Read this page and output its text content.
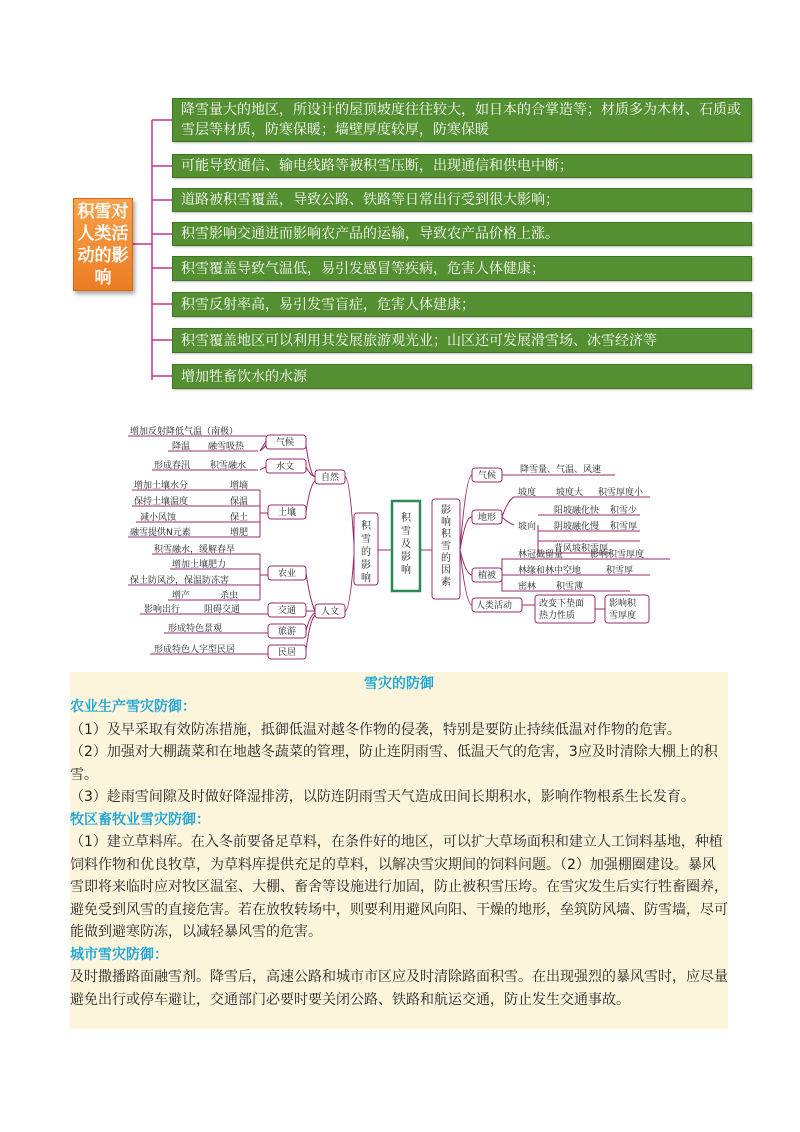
积雪对人类活动的影响
降雪量大的地区，所设计的屋顶坡度往往较大，如日本的合掌造等；材质多为木材、石质或雪层等材质，防寒保暖；墙壁厚度较厚，防寒保暖
可能导致通信、输电线路等被积雪压断，出现通信和供电中断；
道路被积雪覆盖，导致公路、铁路等日常出行受到很大影响；
积雪影响交通进而影响农产品的运输，导致农产品价格上涨。
积雪覆盖导致气温低，易引发感冒等疾病，危害人体健康；
积雪反射率高，易引发雪盲症，危害人体建康；
积雪覆盖地区可以利用其发展旅游观光业；山区还可发展滑雪场、冰雪经济等
增加牲畜饮水的水源
增加反射降低气温（南极）
降温 融雪吸热
形成春汛 积雪融水
增加土壤水分	增墒
保持土壤温度	保温
减小风蚀	保土
融雪提供N元素	增肥
积雪融水，缓解春旱
增加土壤肥力
保土防风沙，保温防冻害
增产	杀虫
影响出行	阻碍交通
形成特色景观
形成特色人字型民居
气候
水文
土壤
农业
交通
旅游
民居
自然
人文
气候
地形
植被
人类活动
降雪量、气温、风速
坡度 坡度大 积雪厚度小
坡向
阳坡融化快 积雪少
阴坡融化慢 积雪厚
背风坡积雪厚
林冠截留量	影响积雪厚度
林缘和林中空地	积雪厚
密林 积雪薄
积雪的影响
积雪及影响
影响积雪的因素
改变下垫面
热力性质
影响积
雪厚度
雪灾的防御

农业生产雪灾防御：

（1）及早采取有效防冻措施，抵御低温对越冬作物的侵袭，特别是要防止持续低温对作物的危害。

（2）加强对大棚蔬菜和在地越冬蔬菜的管理，防止连阴雨雪、低温天气的危害，3应及时清除大棚上的积雪。

（3）趁雨雪间隙及时做好降湿排涝，以防连阴雨雪天气造成田间长期积水，影响作物根系生长发育。

牧区畜牧业雪灾防御：

（1）建立草料库。在入冬前要备足草料，在条件好的地区，可以扩大草场面积和建立人工饲料基地，种植饲料作物和优良牧草，为草料库提供充足的草料，以解决雪灾期间的饲料问题。（2）加强棚圈建设。暴风雪即将来临时应对牧区温室、大棚、畜舍等设施进行加固，防止被积雪压垮。在雪灾发生后实行牲畜圈养，避免受到风雪的直接危害。若在放牧转场中，则要利用避风向阳、干燥的地形，垒筑防风墙、防雪墙，尽可能做到避寒防冻，以减轻暴风雪的危害。

城市雪灾防御：

及时撒播路面融雪剂。降雪后，高速公路和城市市区应及时清除路面积雪。在出现强烈的暴风雪时，应尽量避免出行或停车避让，交通部门必要时要关闭公路、铁路和航运交通，防止发生交通事故。
